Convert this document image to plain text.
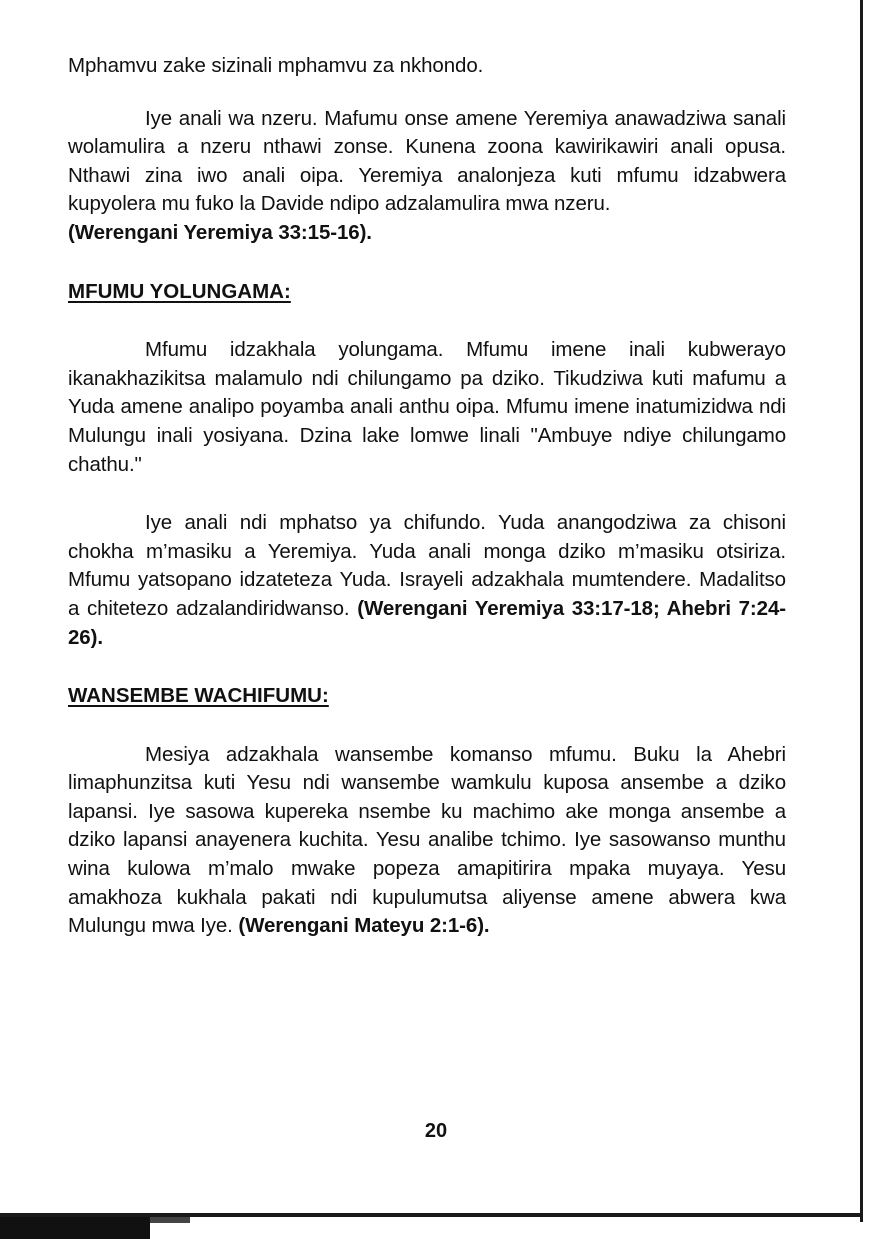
Mphamvu zake sizinali mphamvu za nkhondo.

Iye anali wa nzeru. Mafumu onse amene Yeremiya anawadziwa sanali wolamulira a nzeru nthawi zonse. Kunena zoona kawirikawiri anali opusa. Nthawi zina iwo anali oipa. Yeremiya analonjeza kuti mfumu idzabwera kupyolera mu fuko la Davide ndipo adzalamulira mwa nzeru.
(Werengani Yeremiya 33:15-16).

MFUMU YOLUNGAMA:

Mfumu idzakhala yolungama. Mfumu imene inali kubwerayo ikanakhazikitsa malamulo ndi chilungamo pa dziko. Tikudziwa kuti mafumu a Yuda amene analipo poyamba anali anthu oipa. Mfumu imene inatumizidwa ndi Mulungu inali yosiyana. Dzina lake lomwe linali "Ambuye ndiye chilungamo chathu."

Iye anali ndi mphatso ya chifundo. Yuda anangodziwa za chisoni chokha m’masiku a Yeremiya. Yuda anali monga dziko m’masiku otsiriza. Mfumu yatsopano idzateteza Yuda. Israyeli adzakhala mumtendere. Madalitso a chitetezo adzalandiridwanso. (Werengani Yeremiya 33:17-18; Ahebri 7:24-26).

WANSEMBE WACHIFUMU:

Mesiya adzakhala wansembe komanso mfumu. Buku la Ahebri limaphunzitsa kuti Yesu ndi wansembe wamkulu kuposa ansembe a dziko lapansi. Iye sasowa kupereka nsembe ku machimo ake monga ansembe a dziko lapansi anayenera kuchita. Yesu analibe tchimo. Iye sasowanso munthu wina kulowa m’malo mwake popeza amapitirira mpaka muyaya. Yesu amakhoza kukhala pakati ndi kupulumutsa aliyense amene abwera kwa Mulungu mwa Iye. (Werengani Mateyu 2:1-6).

20
